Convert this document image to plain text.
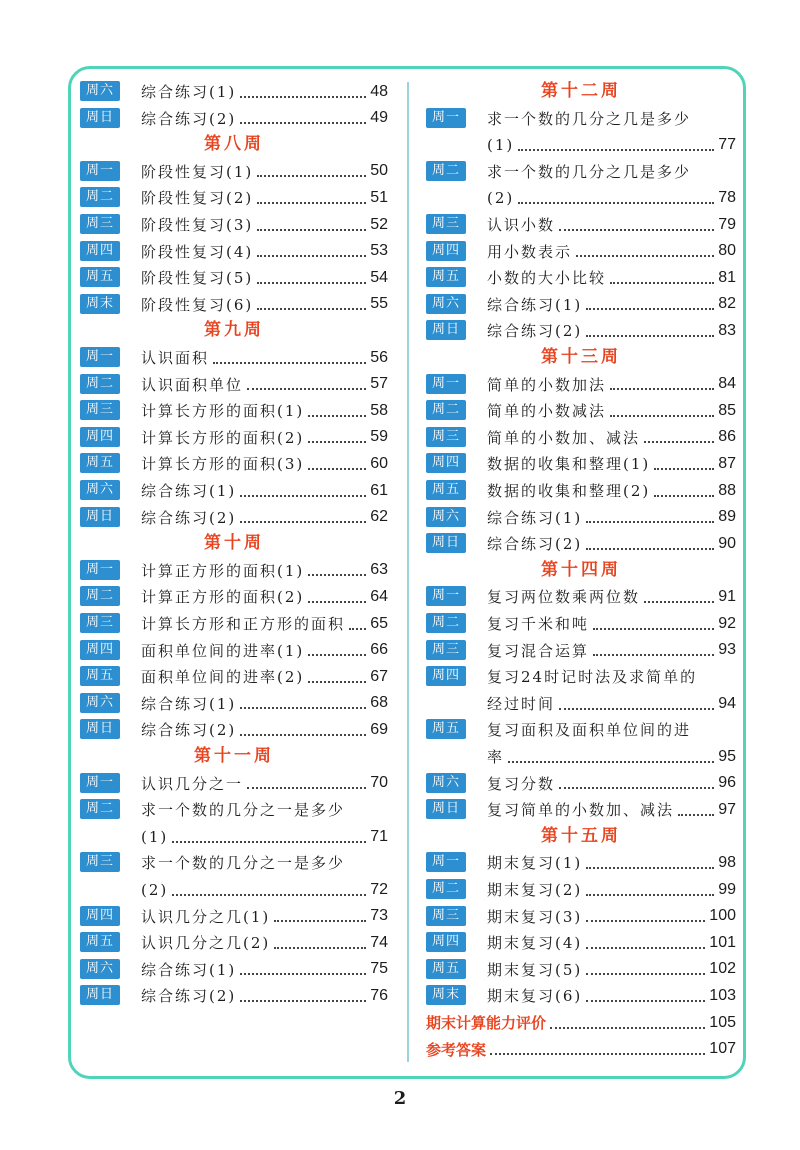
周六	综合练习(1)	48
周日	综合练习(2)	49
第八周
周一	阶段性复习(1)	50
周二	阶段性复习(2)	51
周三	阶段性复习(3)	52
周四	阶段性复习(4)	53
周五	阶段性复习(5)	54
周末	阶段性复习(6)	55
第九周
周一	认识面积	56
周二	认识面积单位	57
周三	计算长方形的面积(1)	58
周四	计算长方形的面积(2)	59
周五	计算长方形的面积(3)	60
周六	综合练习(1)	61
周日	综合练习(2)	62
第十周
周一	计算正方形的面积(1)	63
周二	计算正方形的面积(2)	64
周三	计算长方形和正方形的面积 65
周四	面积单位间的进率(1)	66
周五	面积单位间的进率(2)	67
周六	综合练习(1)	68
周日	综合练习(2)	69
第十一周
周一	认识几分之一	70
周二	求一个数的几分之一是多少
(1)	71
周三	求一个数的几分之一是多少
(2)	72
周四	认识几分之几(1)	73
周五	认识几分之几(2)	74
周六	综合练习(1)	75
周日	综合练习(2)	76
第十二周
周一	求一个数的几分之几是多少
(1)	77
周二	求一个数的几分之几是多少
(2)	78
周三	认识小数	79
周四	用小数表示	80
周五	小数的大小比较	81
周六	综合练习(1)	82
周日	综合练习(2)	83
第十三周
周一	简单的小数加法	84
周二	简单的小数减法	85
周三	简单的小数加、减法	86
周四	数据的收集和整理(1)	87
周五	数据的收集和整理(2)	88
周六	综合练习(1)	89
周日	综合练习(2)	90
第十四周
周一	复习两位数乘两位数	91
周二	复习千米和吨	92
周三	复习混合运算	93
周四	复习24时记时法及求简单的
经过时间	94
周五	复习面积及面积单位间的进
率	95
周六	复习分数	96
周日	复习简单的小数加、减法	97
第十五周
周一	期末复习(1)	98
周二	期末复习(2)	99
周三	期末复习(3)	100
周四	期末复习(4)	101
周五	期末复习(5)	102
周末	期末复习(6)	103
期末计算能力评价	105
参考答案	107
2
